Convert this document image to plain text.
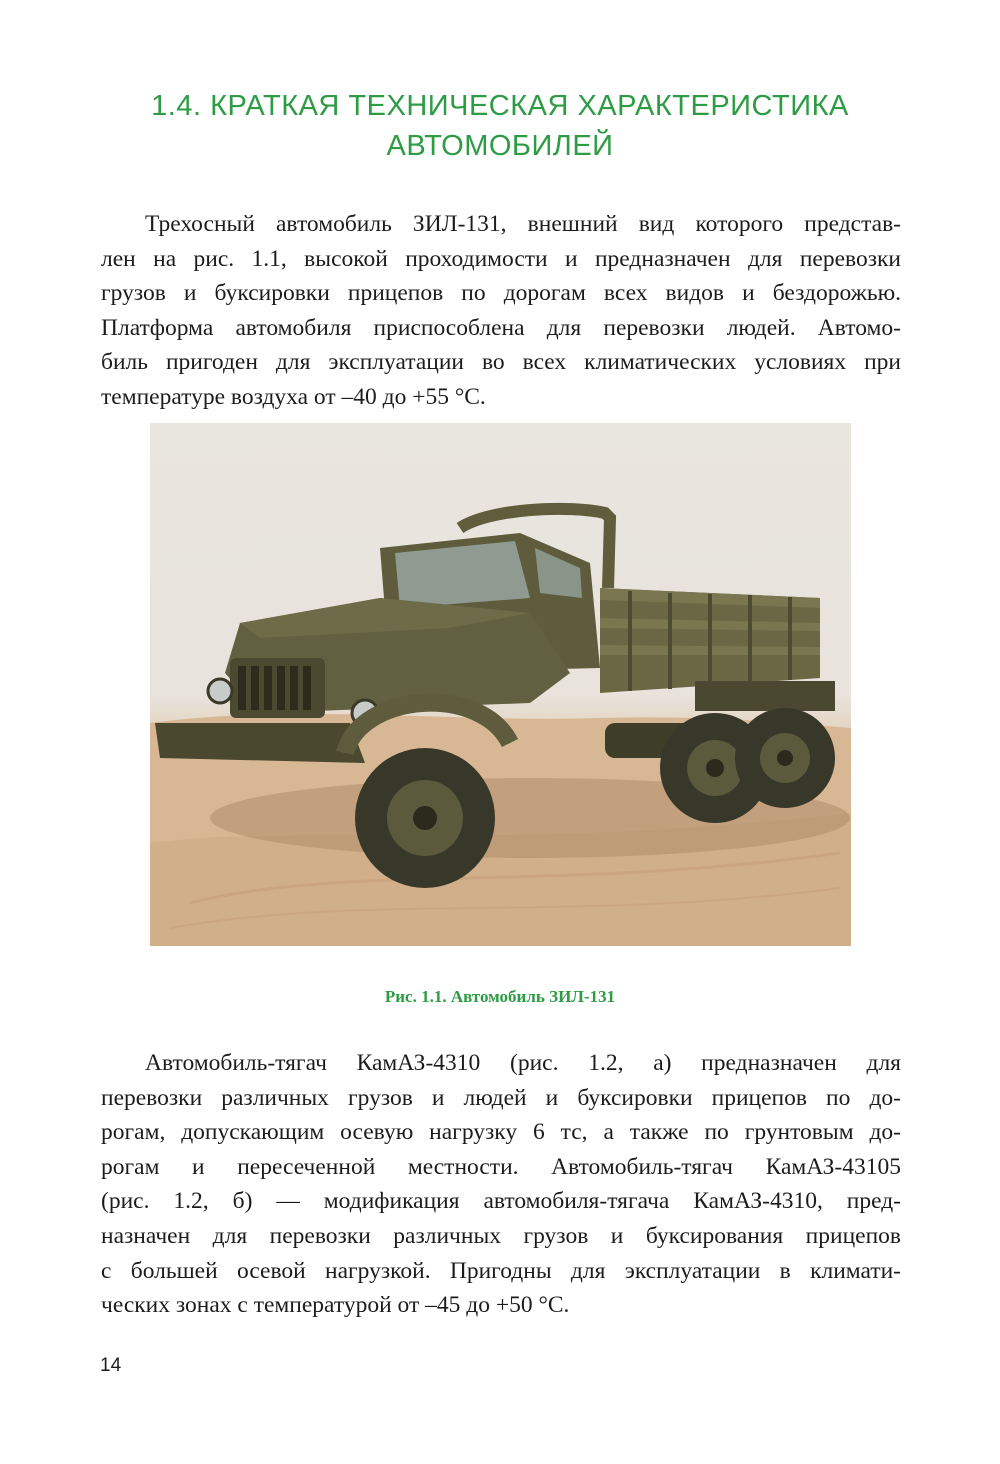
1.4. КРАТКАЯ ТЕХНИЧЕСКАЯ ХАРАКТЕРИСТИКА
АВТОМОБИЛЕЙ
Трехосный автомобиль ЗИЛ-131, внешний вид которого представ-
лен на рис. 1.1, высокой проходимости и предназначен для перевозки
грузов и буксировки прицепов по дорогам всех видов и бездорожью.
Платформа автомобиля приспособлена для перевозки людей. Автомо-
биль пригоден для эксплуатации во всех климатических условиях при
температуре воздуха от –40 до +55 °С.
Рис. 1.1. Автомобиль ЗИЛ-131
Автомобиль-тягач КамАЗ-4310 (рис. 1.2, а) предназначен для
перевозки различных грузов и людей и буксировки прицепов по до-
рогам, допускающим осевую нагрузку 6 тс, а также по грунтовым до-
рогам и пересеченной местности. Автомобиль-тягач КамАЗ-43105
(рис. 1.2, б) — модификация автомобиля-тягача КамАЗ-4310, пред-
назначен для перевозки различных грузов и буксирования прицепов
с большей осевой нагрузкой. Пригодны для эксплуатации в климати-
ческих зонах с температурой от –45 до +50 °С.
14
